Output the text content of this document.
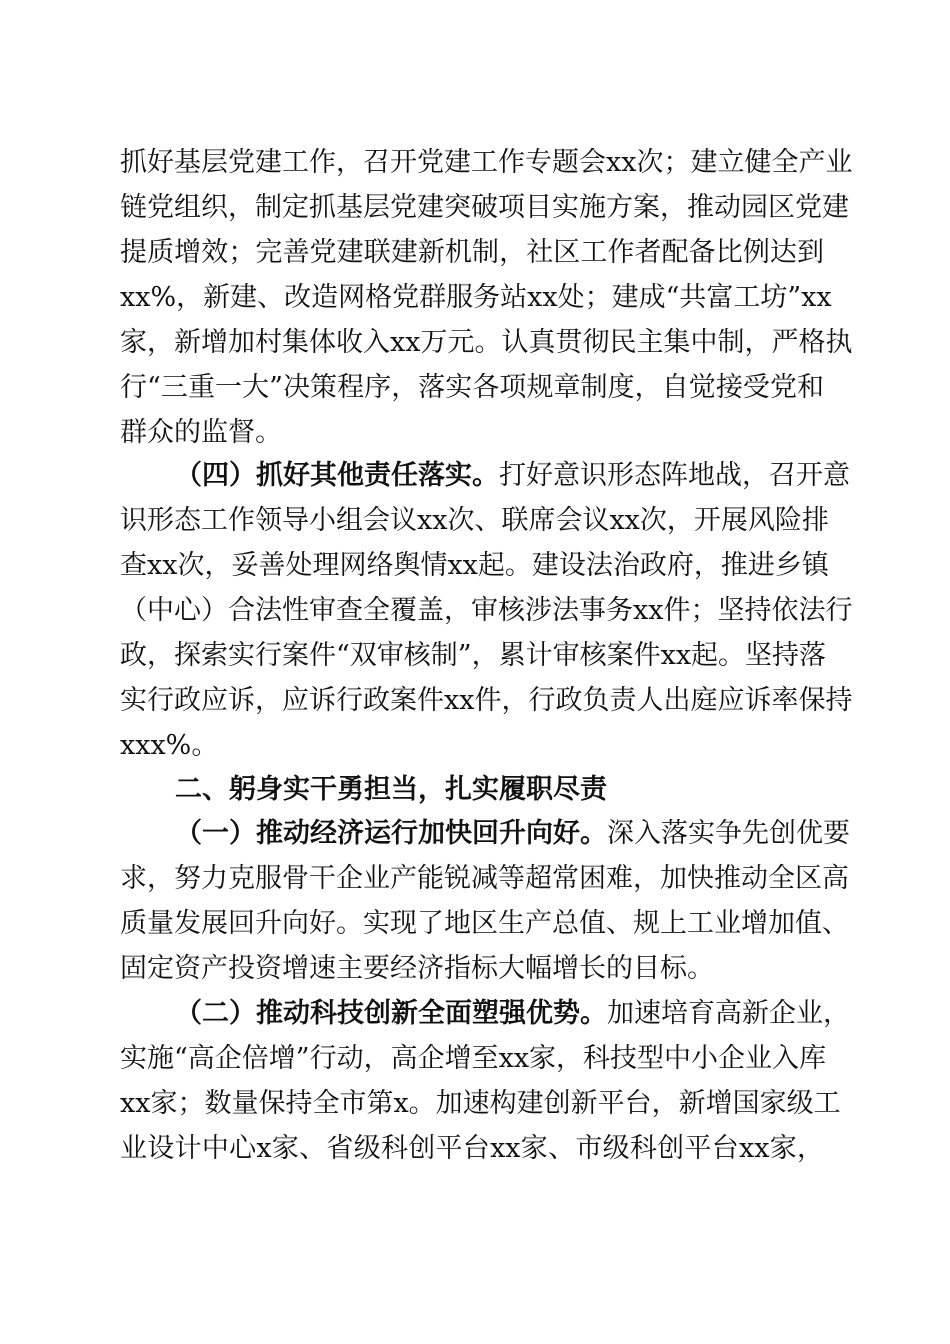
抓好基层党建工作，召开党建工作专题会xx次；建立健全产业
链党组织，制定抓基层党建突破项目实施方案，推动园区党建
提质增效；完善党建联建新机制，社区工作者配备比例达到
xx%，新建、改造网格党群服务站xx处；建成“共富工坊”xx
家，新增加村集体收入xx万元。认真贯彻民主集中制，严格执
行“三重一大”决策程序，落实各项规章制度，自觉接受党和
群众的监督。
（四）抓好其他责任落实。打好意识形态阵地战，召开意
识形态工作领导小组会议xx次、联席会议xx次，开展风险排
查xx次，妥善处理网络舆情xx起。建设法治政府，推进乡镇
（中心）合法性审查全覆盖，审核涉法事务xx件；坚持依法行
政，探索实行案件“双审核制”，累计审核案件xx起。坚持落
实行政应诉，应诉行政案件xx件，行政负责人出庭应诉率保持
xxx%。
二、躬身实干勇担当，扎实履职尽责
（一）推动经济运行加快回升向好。深入落实争先创优要
求，努力克服骨干企业产能锐减等超常困难，加快推动全区高
质量发展回升向好。实现了地区生产总值、规上工业增加值、
固定资产投资增速主要经济指标大幅增长的目标。
（二）推动科技创新全面塑强优势。加速培育高新企业，
实施“高企倍增”行动，高企增至xx家，科技型中小企业入库
xx家；数量保持全市第x。加速构建创新平台，新增国家级工
业设计中心x家、省级科创平台xx家、市级科创平台xx家，
